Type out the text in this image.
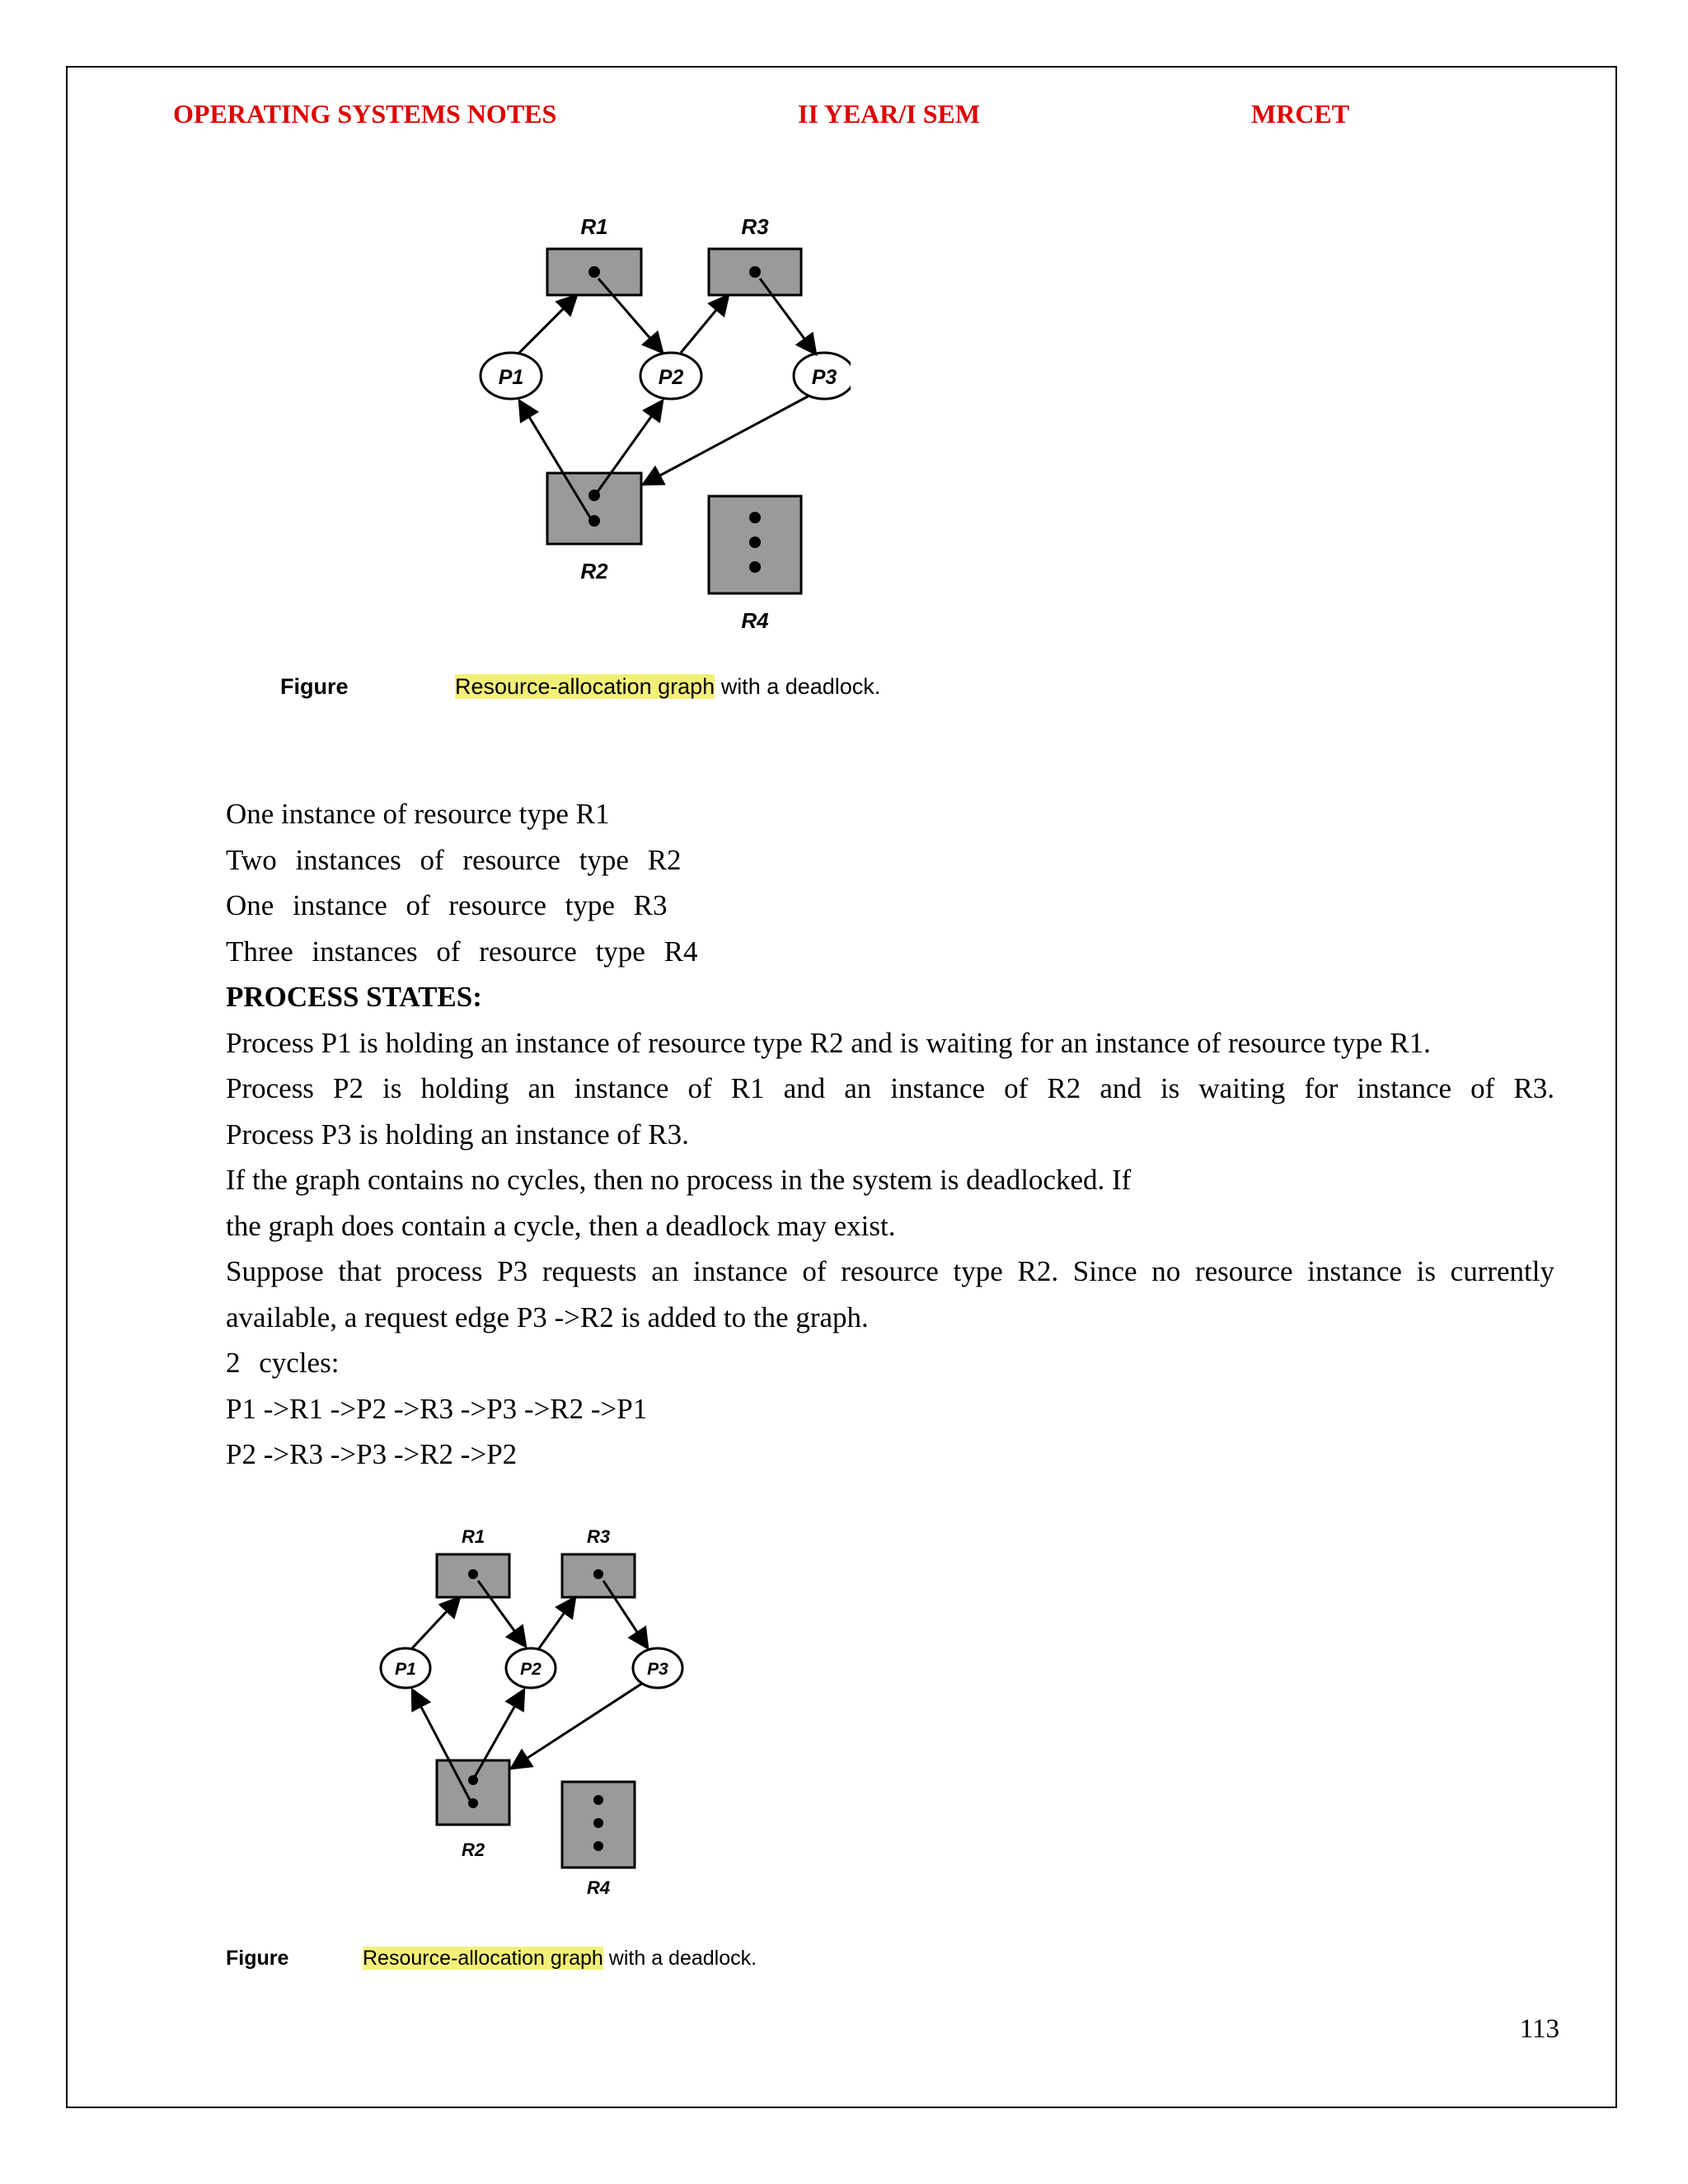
OPERATING SYSTEMS NOTES	II YEAR/I SEM	MRCET
R1	R3
P1	P2	P3
R2
R4
Figure	Resource-allocation graph with a deadlock.

One instance of resource type R1

Two instances of resource type R2

One instance of resource type R3

Three instances of resource type R4

PROCESS STATES:

Process P1 is holding an instance of resource type R2 and is waiting for an instance of resource type R1.

Process P2 is holding an instance of R1 and an instance of R2 and is waiting for instance of R3.

Process P3 is holding an instance of R3.

If the graph contains no cycles, then no process in the system is deadlocked. If

the graph does contain a cycle, then a deadlock may exist.

Suppose that process P3 requests an instance of resource type R2. Since no resource instance is currently available, a request edge P3 ->R2 is added to the graph.

2 cycles:

P1 ->R1 ->P2 ->R3 ->P3 ->R2 ->P1

P2 ->R3 ->P3 ->R2 ->P2

R1	R3
P1	P2	P3
R2
R4
Figure	Resource-allocation graph with a deadlock.
113
